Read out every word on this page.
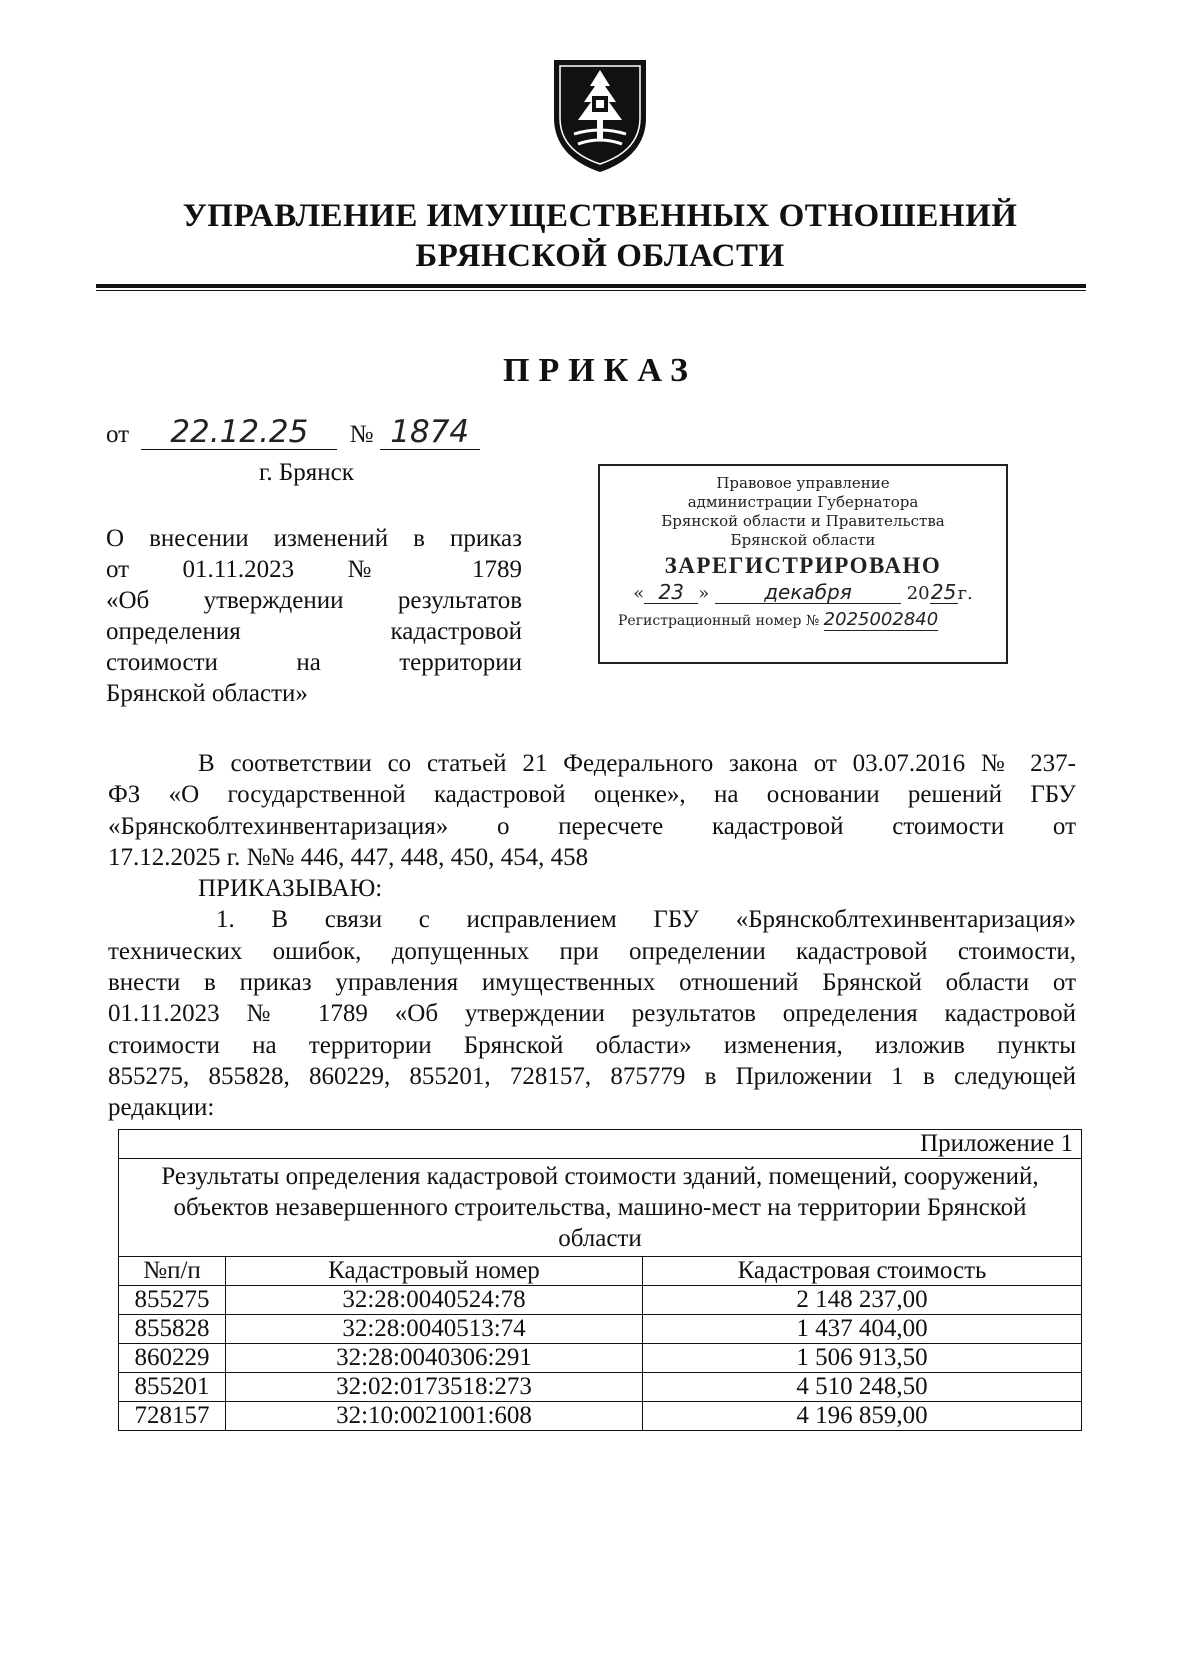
УПРАВЛЕНИЕ ИМУЩЕСТВЕННЫХ ОТНОШЕНИЙ
БРЯНСКОЙ ОБЛАСТИ
ПРИКАЗ
от 22.12.25 № 1874
г. Брянск
О внесении изменений в приказ
от 01.11.2023 № 1789
«Об утверждении результатов
определения кадастровой
стоимости на территории
Брянской области»
Правовое управление
администрации Губернатора
Брянской области и Правительства
Брянской области
ЗАРЕГИСТРИРОВАНО
« 23 »	декабря	2025г.
Регистрационный номер № 2025002840

В соответствии со статьей 21 Федерального закона от 03.07.2016 № 237-

ФЗ «О государственной кадастровой оценке», на основании решений ГБУ

«Брянскоблтехинвентаризация» о пересчете кадастровой стоимости от

17.12.2025 г. №№ 446, 447, 448, 450, 454, 458

ПРИКАЗЫВАЮ:

1. В связи с исправлением ГБУ «Брянскоблтехинвентаризация»

технических ошибок, допущенных при определении кадастровой стоимости,

внести в приказ управления имущественных отношений Брянской области от

01.11.2023 № 1789 «Об утверждении результатов определения кадастровой

стоимости на территории Брянской области» изменения, изложив пункты

855275, 855828, 860229, 855201, 728157, 875779 в Приложении 1 в следующей

редакции:

Приложение 1		
Результаты определения кадастровой стоимости зданий, помещений, сооружений, объектов незавершенного строительства, машино-мест на территории Брянской области		
№п/п	Кадастровый номер	Кадастровая стоимость
855275	32:28:0040524:78	2 148 237,00
855828	32:28:0040513:74	1 437 404,00
860229	32:28:0040306:291	1 506 913,50
855201	32:02:0173518:273	4 510 248,50
728157	32:10:0021001:608	4 196 859,00
